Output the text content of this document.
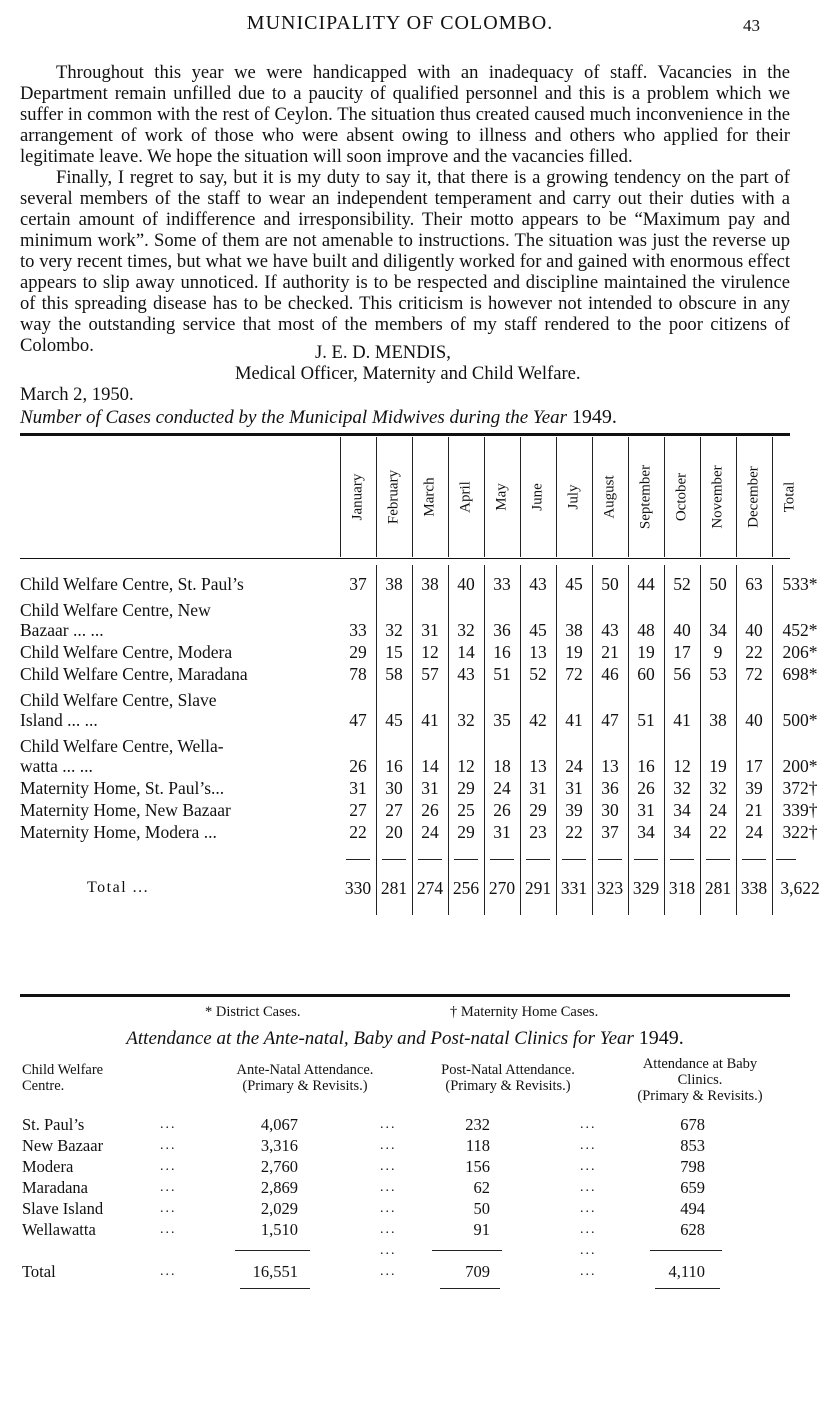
MUNICIPALITY OF COLOMBO.	43

Throughout this year we were handicapped with an inadequacy of staff. Vacancies in the Department remain unfilled due to a paucity of qualified personnel and this is a problem which we suffer in common with the rest of Ceylon. The situation thus created caused much inconvenience in the arrangement of work of those who were absent owing to illness and others who applied for their legitimate leave. We hope the situation will soon improve and the vacancies filled.

Finally, I regret to say, but it is my duty to say it, that there is a growing tendency on the part of several members of the staff to wear an independent temperament and carry out their duties with a certain amount of indifference and irresponsibility. Their motto appears to be “Maximum pay and minimum work”. Some of them are not amenable to instructions. The situation was just the reverse up to very recent times, but what we have built and diligently worked for and gained with enormous effect appears to slip away unnoticed. If authority is to be respected and discipline maintained the virulence of this spreading disease has to be checked. This criticism is however not intended to obscure in any way the outstanding service that most of the members of my staff rendered to the poor citizens of Colombo.	J. E. D. MENDIS,
Medical Officer, Maternity and Child Welfare.
March 2, 1950.
Number of Cases conducted by the Municipal Midwives during the Year 1949.
January February March April May June July August September October November December Total
Child Welfare Centre, St. Paul’s	37	38	38	40	33	43	45	50	44	52	50	63	533*
Child Welfare Centre, New
Bazaar ... ...	33	32	31	32	36	45	38	43	48	40	34	40	452*
Child Welfare Centre, Modera	29	15	12	14	16	13	19	21	19	17	9	22	206*
Child Welfare Centre, Maradana	78	58	57	43	51	52	72	46	60	56	53	72	698*
Child Welfare Centre, Slave
Island ... ...	47	45	41	32	35	42	41	47	51	41	38	40	500*
Child Welfare Centre, Wella-
watta ... ...	26	16	14	12	18	13	24	13	16	12	19	17	200*
Maternity Home, St. Paul’s...	31	30	31	29	24	31	31	36	26	32	32	39	372†
Maternity Home, New Bazaar	27	27	26	25	26	29	39	30	31	34	24	21	339†
Maternity Home, Modera ...	22	20	24	29	31	23	22	37	34	34	22	24	322†
Total ...	330 281 274 256 270 291 331 323 329 318 281 338 3,622
* District Cases.	† Maternity Home Cases.
Attendance at the Ante-natal, Baby and Post-natal Clinics for Year 1949.
Child Welfare
Centre.
Ante-Natal Attendance.
(Primary & Revisits.)
Post-Natal Attendance.
(Primary & Revisits.)
Attendance at Baby
Clinics.
(Primary & Revisits.)
St. Paul’s	...	4,067	...	232	...	678
New Bazaar	...	3,316	...	118	...	853
Modera	...	2,760	...	156	...	798
Maradana	...	2,869	...	62	...	659
Slave Island	...	2,029	...	50	...	494
Wellawatta	...	1,510	...	91	...	628
...	...
Total	...	16,551	...	709	...	4,110
